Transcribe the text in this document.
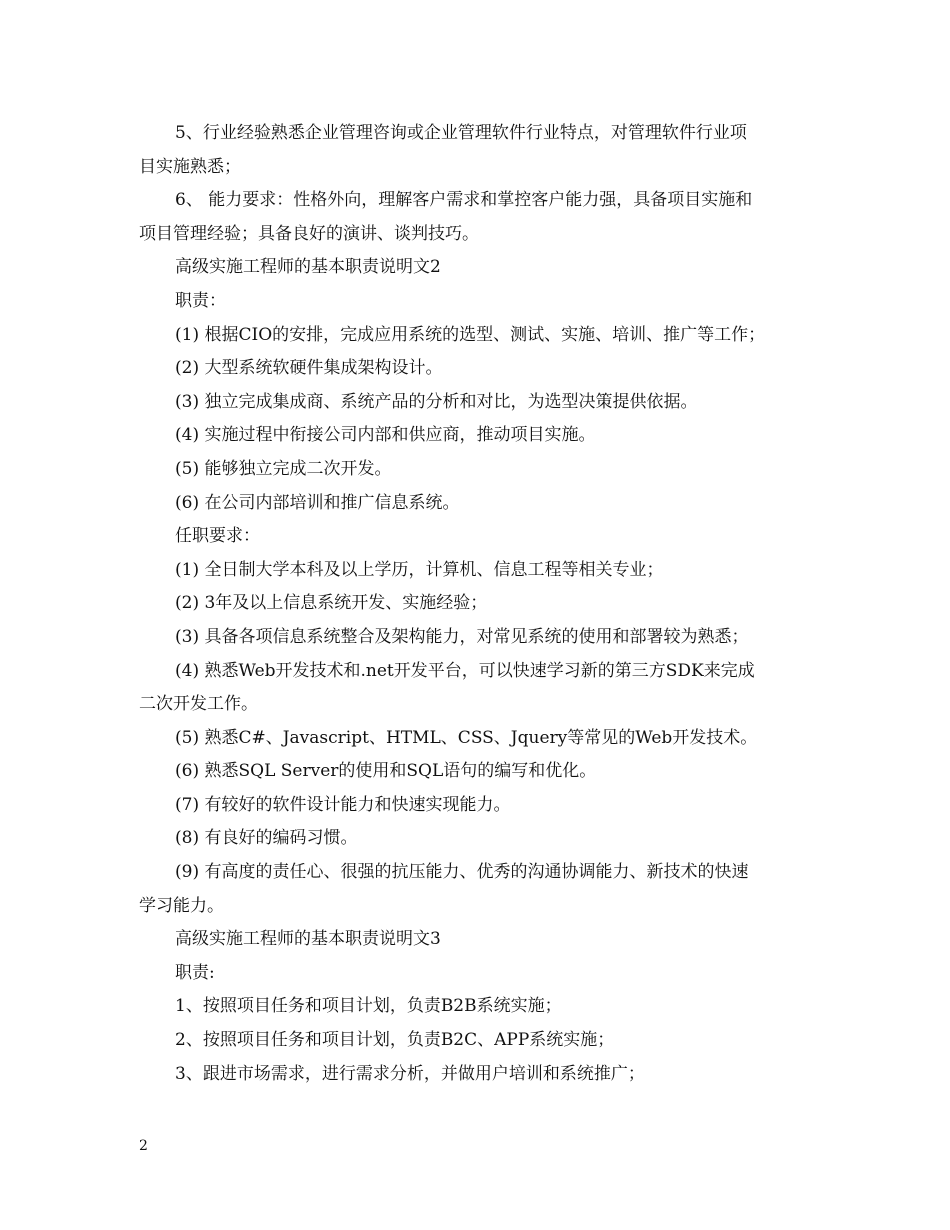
5、行业经验熟悉企业管理咨询或企业管理软件行业特点，对管理软件行业项
目实施熟悉；
6、 能力要求：性格外向，理解客户需求和掌控客户能力强，具备项目实施和
项目管理经验；具备良好的演讲、谈判技巧。
高级实施工程师的基本职责说明文2
职责：
(1) 根据CIO的安排，完成应用系统的选型、测试、实施、培训、推广等工作；
(2) 大型系统软硬件集成架构设计。
(3) 独立完成集成商、系统产品的分析和对比，为选型决策提供依据。
(4) 实施过程中衔接公司内部和供应商，推动项目实施。
(5) 能够独立完成二次开发。
(6) 在公司内部培训和推广信息系统。
任职要求：
(1) 全日制大学本科及以上学历，计算机、信息工程等相关专业；
(2) 3年及以上信息系统开发、实施经验；
(3) 具备各项信息系统整合及架构能力，对常见系统的使用和部署较为熟悉；
(4) 熟悉Web开发技术和.net开发平台，可以快速学习新的第三方SDK来完成
二次开发工作。
(5) 熟悉C#、Javascript、HTML、CSS、Jquery等常见的Web开发技术。
(6) 熟悉SQL Server的使用和SQL语句的编写和优化。
(7) 有较好的软件设计能力和快速实现能力。
(8) 有良好的编码习惯。
(9) 有高度的责任心、很强的抗压能力、优秀的沟通协调能力、新技术的快速
学习能力。
高级实施工程师的基本职责说明文3
职责:
1、按照项目任务和项目计划，负责B2B系统实施；
2、按照项目任务和项目计划，负责B2C、APP系统实施；
3、跟进市场需求，进行需求分析，并做用户培训和系统推广；
2
